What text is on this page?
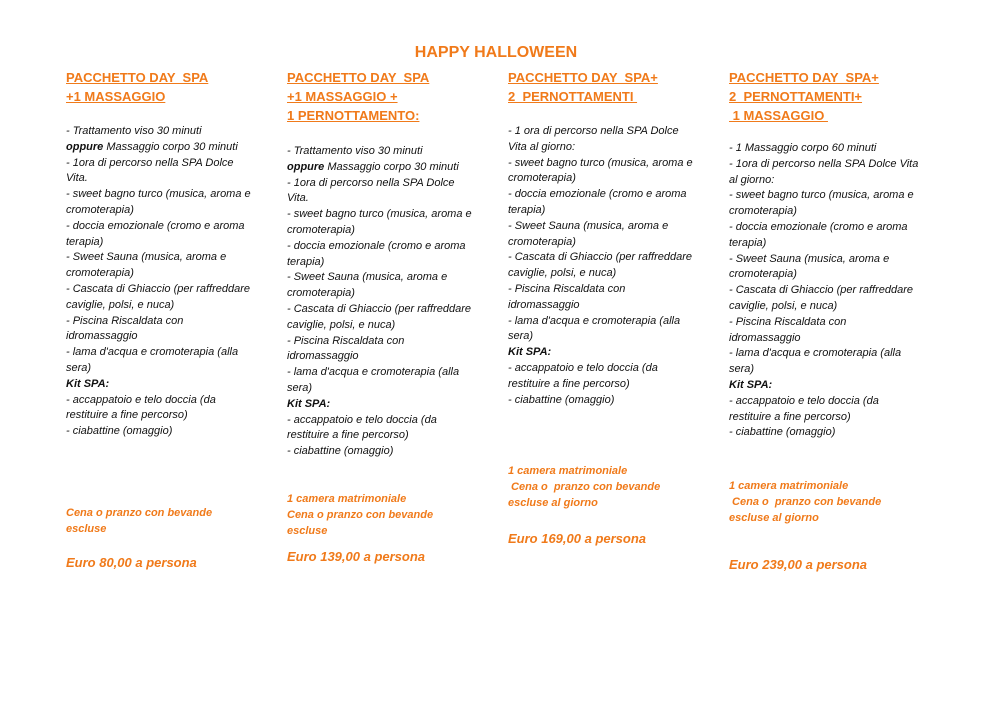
HAPPY HALLOWEEN
PACCHETTO DAY  SPA
+1 MASSAGGIO
- Trattamento viso 30 minuti
oppure Massaggio corpo 30 minuti
- 1ora di percorso nella SPA Dolce Vita.
- sweet bagno turco (musica, aroma e cromoterapia)
- doccia emozionale (cromo e aroma terapia)
- Sweet Sauna (musica, aroma e cromoterapia)
- Cascata di Ghiaccio (per raffreddare caviglie, polsi, e nuca)
- Piscina Riscaldata con idromassaggio
- lama d'acqua e cromoterapia (alla sera)
Kit SPA:
- accappatoio e telo doccia (da restituire a fine percorso)
- ciabattine (omaggio)
Cena o pranzo con bevande
escluse
Euro 80,00 a persona
PACCHETTO DAY  SPA
+1 MASSAGGIO +
1 PERNOTTAMENTO:
- Trattamento viso 30 minuti
oppure Massaggio corpo 30 minuti
- 1ora di percorso nella SPA Dolce Vita.
- sweet bagno turco (musica, aroma e cromoterapia)
- doccia emozionale (cromo e aroma terapia)
- Sweet Sauna (musica, aroma e cromoterapia)
- Cascata di Ghiaccio (per raffreddare caviglie, polsi, e nuca)
- Piscina Riscaldata con idromassaggio
- lama d'acqua e cromoterapia (alla sera)
Kit SPA:
- accappatoio e telo doccia (da restituire a fine percorso)
- ciabattine (omaggio)
1 camera matrimoniale
Cena o pranzo con bevande
escluse
Euro 139,00 a persona
PACCHETTO DAY  SPA+
2  PERNOTTAMENTI
- 1 ora di percorso nella SPA Dolce Vita al giorno:
- sweet bagno turco (musica, aroma e cromoterapia)
- doccia emozionale (cromo e aroma terapia)
- Sweet Sauna (musica, aroma e cromoterapia)
- Cascata di Ghiaccio (per raffreddare caviglie, polsi, e nuca)
- Piscina Riscaldata con idromassaggio
- lama d'acqua e cromoterapia (alla sera)
Kit SPA:
- accappatoio e telo doccia (da restituire a fine percorso)
- ciabattine (omaggio)
1 camera matrimoniale
Cena o  pranzo con bevande
escluse al giorno
Euro 169,00 a persona
PACCHETTO DAY  SPA+
2  PERNOTTAMENTI+
1 MASSAGGIO
- 1 Massaggio corpo 60 minuti
- 1ora di percorso nella SPA Dolce Vita al giorno:
- sweet bagno turco (musica, aroma e cromoterapia)
- doccia emozionale (cromo e aroma terapia)
- Sweet Sauna (musica, aroma e cromoterapia)
- Cascata di Ghiaccio (per raffreddare caviglie, polsi, e nuca)
- Piscina Riscaldata con idromassaggio
- lama d'acqua e cromoterapia (alla sera)
Kit SPA:
- accappatoio e telo doccia (da restituire a fine percorso)
- ciabattine (omaggio)
1 camera matrimoniale
Cena o  pranzo con bevande
escluse al giorno
Euro 239,00 a persona
